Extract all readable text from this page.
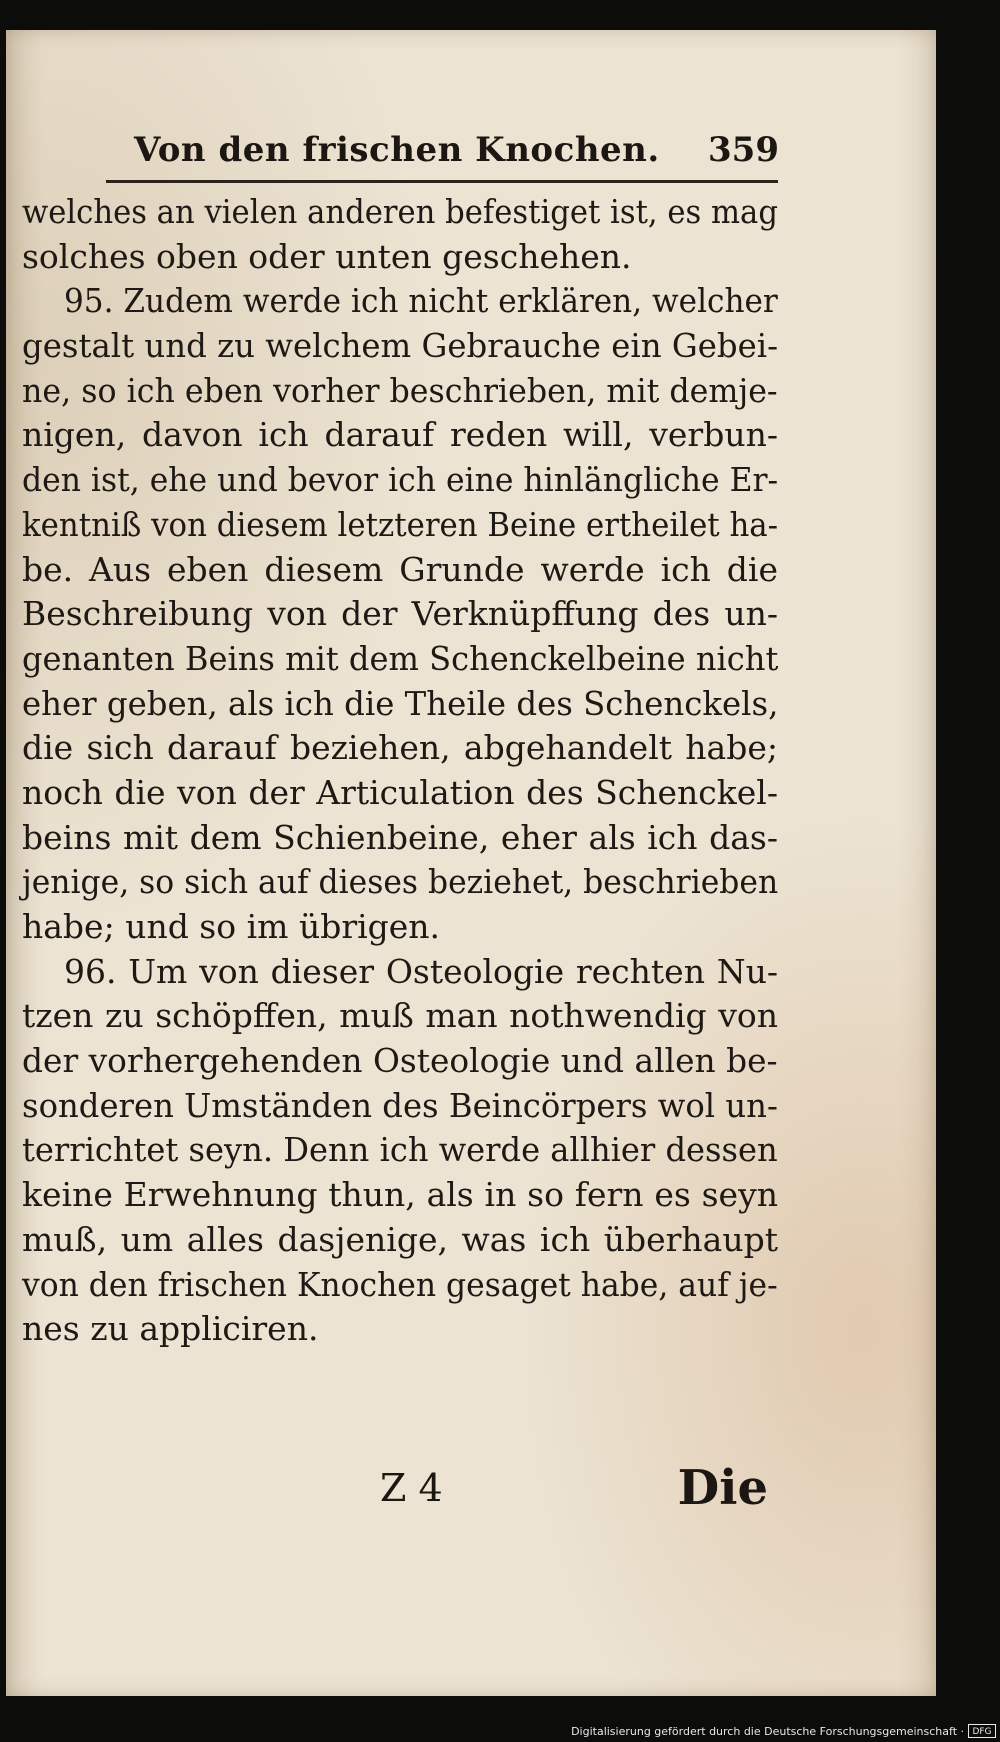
Von den frischen Knochen. 359
welches an vielen anderen befestiget ist, es mag
solches oben oder unten geschehen.
95. Zudem werde ich nicht erklären, welcher
gestalt und zu welchem Gebrauche ein Gebei-
ne, so ich eben vorher beschrieben, mit demje-
nigen, davon ich darauf reden will, verbun-
den ist, ehe und bevor ich eine hinlängliche Er-
kentniß von diesem letzteren Beine ertheilet ha-
be. Aus eben diesem Grunde werde ich die
Beschreibung von der Verknüpffung des un-
genanten Beins mit dem Schenckelbeine nicht
eher geben, als ich die Theile des Schenckels,
die sich darauf beziehen, abgehandelt habe;
noch die von der Articulation des Schenckel-
beins mit dem Schienbeine, eher als ich das-
jenige, so sich auf dieses beziehet, beschrieben
habe; und so im übrigen.
96. Um von dieser Osteologie rechten Nu-
tzen zu schöpffen, muß man nothwendig von
der vorhergehenden Osteologie und allen be-
sonderen Umständen des Beincörpers wol un-
terrichtet seyn. Denn ich werde allhier dessen
keine Erwehnung thun, als in so fern es seyn
muß, um alles dasjenige, was ich überhaupt
von den frischen Knochen gesaget habe, auf je-
nes zu appliciren.
Z 4	Die
Digitalisierung gefördert durch die Deutsche Forschungsgemeinschaft · DFG
